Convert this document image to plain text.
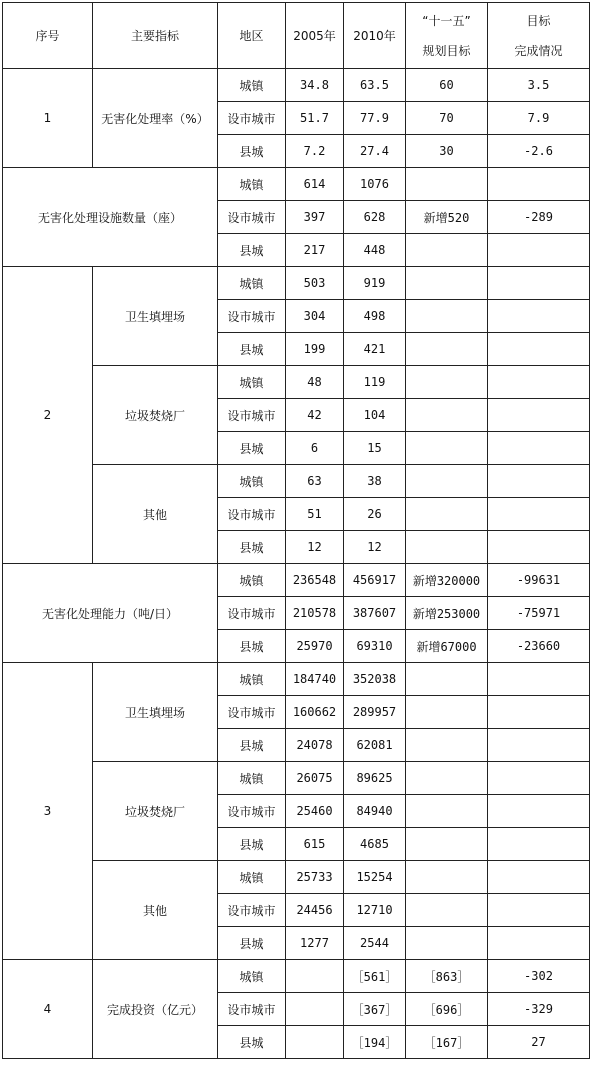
序号	主要指标	地区	2005年	2010年	“十一五”
规划目标	目标
完成情况

1	无害化处理率（%）	城镇	34.8	63.5	60	3.5
		设市城市	51.7	77.9	70	7.9
		县城	7.2	27.4	30	-2.6
无害化处理设施数量（座）		城镇	614	1076		
		设市城市	397	628	新增520	-289
		县城	217	448		
2	卫生填埋场	城镇	503	919		
		设市城市	304	498		
		县城	199	421		
	垃圾焚烧厂	城镇	48	119		
		设市城市	42	104		
		县城	6	15		
	其他	城镇	63	38		
		设市城市	51	26		
		县城	12	12		
无害化处理能力（吨/日）		城镇	236548	456917	新增320000	-99631
		设市城市	210578	387607	新增253000	-75971
		县城	25970	69310	新增67000	-23660
3	卫生填埋场	城镇	184740	352038		
		设市城市	160662	289957		
		县城	24078	62081		
	垃圾焚烧厂	城镇	26075	89625		
		设市城市	25460	84940		
		县城	615	4685		
	其他	城镇	25733	15254		
		设市城市	24456	12710		
		县城	1277	2544		
4	完成投资（亿元）	城镇		［561］	［863］	-302
		设市城市		［367］	［696］	-329
		县城		［194］	［167］	27
